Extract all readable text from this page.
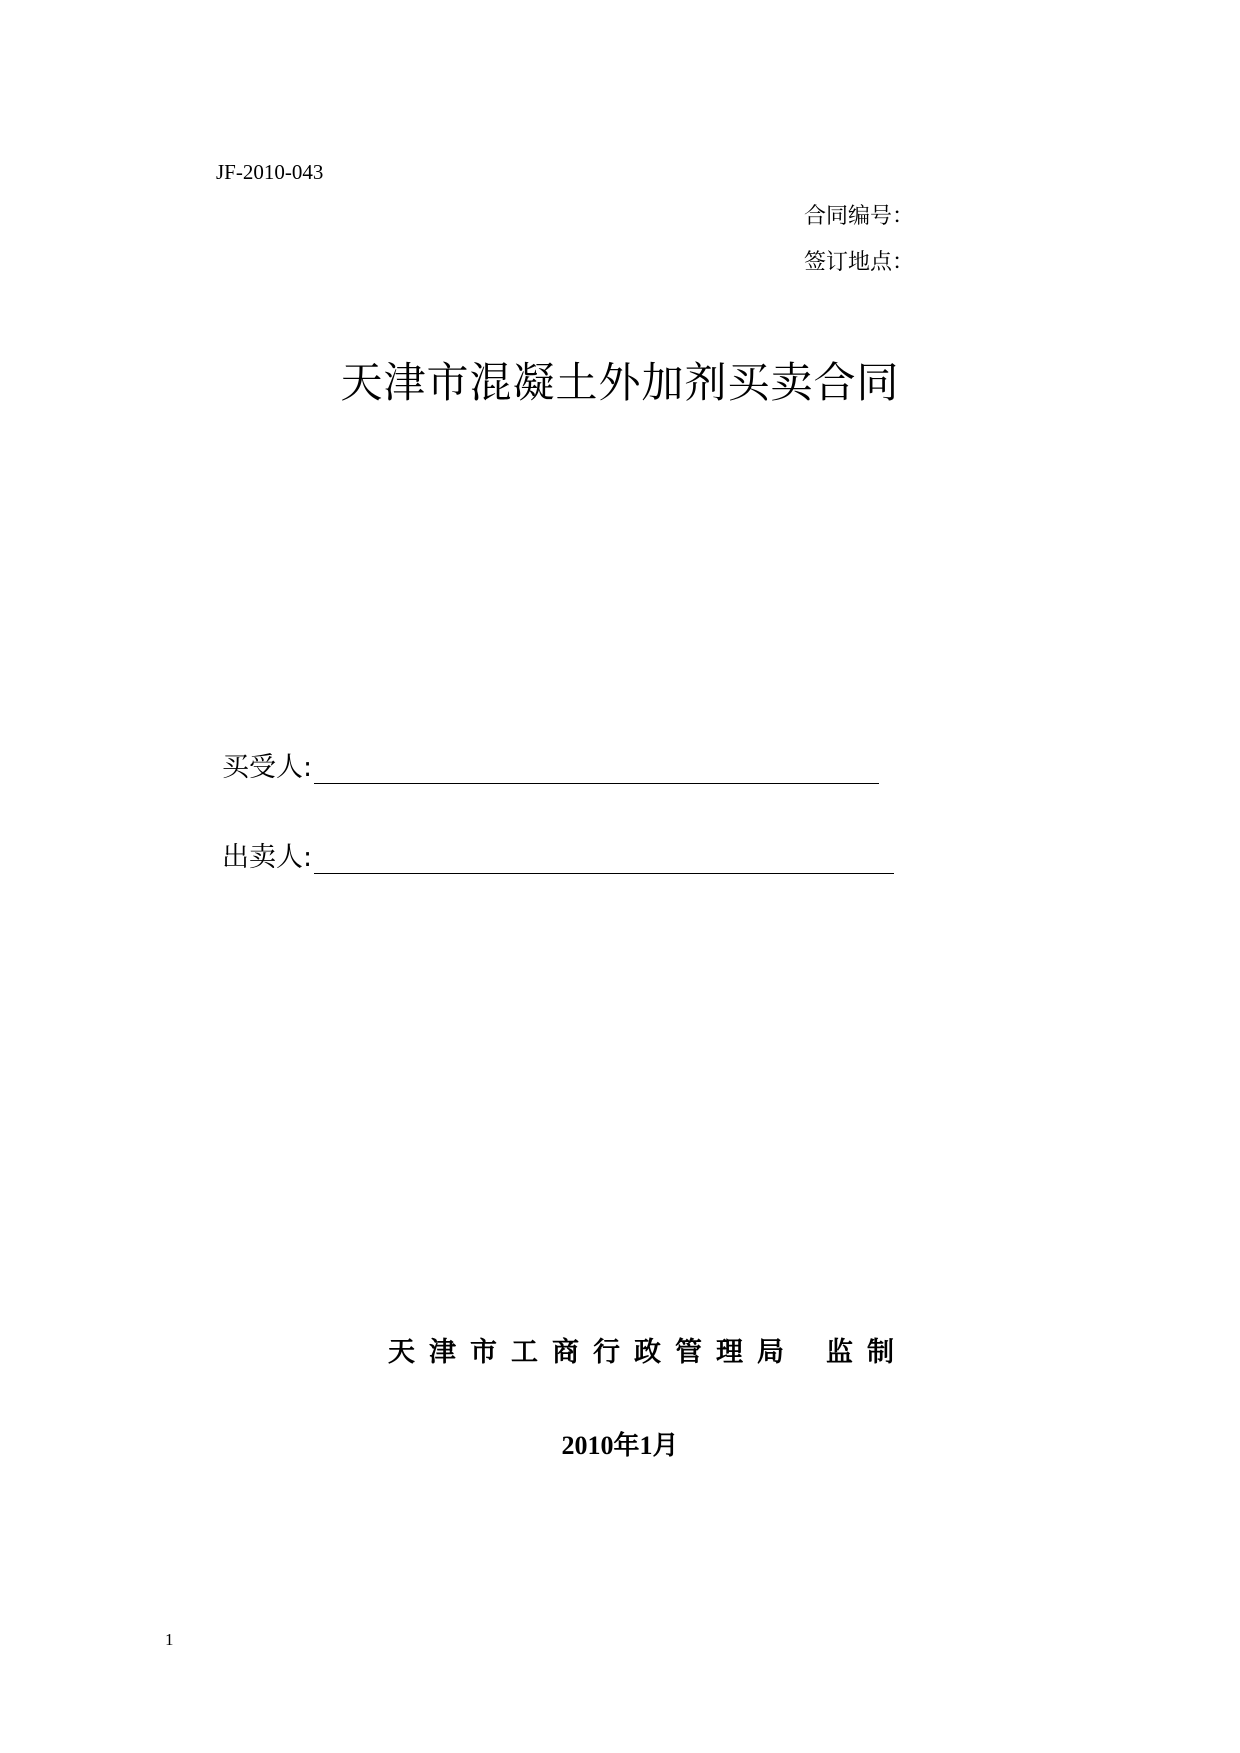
JF-2010-043
合同编号：
签订地点：
天津市混凝土外加剂买卖合同
买受人:
出卖人:
天津市工商行政管理局 监制
2010年1月
1
